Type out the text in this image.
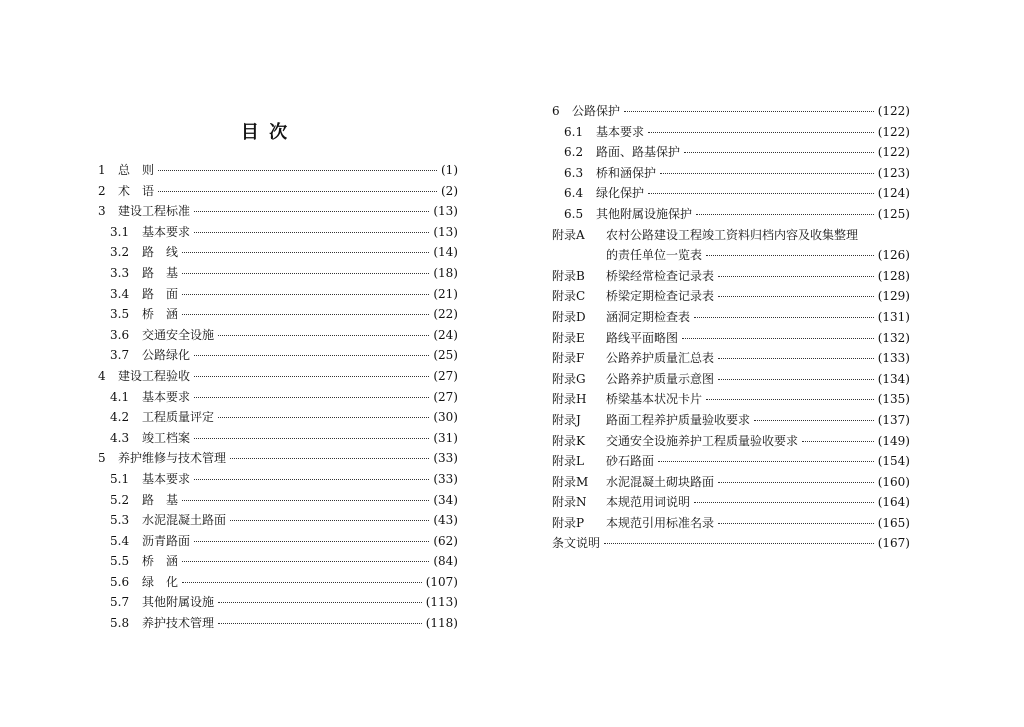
目 次
1	总　则	(1)
2	术　语	(2)
3	建设工程标准	(13)
3.1	基本要求	(13)
3.2	路　线	(14)
3.3	路　基	(18)
3.4	路　面	(21)
3.5	桥　涵	(22)
3.6	交通安全设施	(24)
3.7	公路绿化	(25)
4	建设工程验收	(27)
4.1	基本要求	(27)
4.2	工程质量评定	(30)
4.3	竣工档案	(31)
5	养护维修与技术管理	(33)
5.1	基本要求	(33)
5.2	路　基	(34)
5.3	水泥混凝土路面	(43)
5.4	沥青路面	(62)
5.5	桥　涵	(84)
5.6	绿　化	(107)
5.7	其他附属设施	(113)
5.8	养护技术管理	(118)
6	公路保护	(122)
6.1	基本要求	(122)
6.2	路面、路基保护	(122)
6.3	桥和涵保护	(123)
6.4	绿化保护	(124)
6.5	其他附属设施保护	(125)
附录A	农村公路建设工程竣工资料归档内容及收集整理
的责任单位一览表	(126)
附录B	桥梁经常检查记录表	(128)
附录C	桥梁定期检查记录表	(129)
附录D	涵洞定期检查表	(131)
附录E	路线平面略图	(132)
附录F	公路养护质量汇总表	(133)
附录G	公路养护质量示意图	(134)
附录H	桥梁基本状况卡片	(135)
附录J	路面工程养护质量验收要求	(137)
附录K	交通安全设施养护工程质量验收要求	(149)
附录L	砂石路面	(154)
附录M	水泥混凝土砌块路面	(160)
附录N	本规范用词说明	(164)
附录P	本规范引用标准名录	(165)
条文说明	(167)
